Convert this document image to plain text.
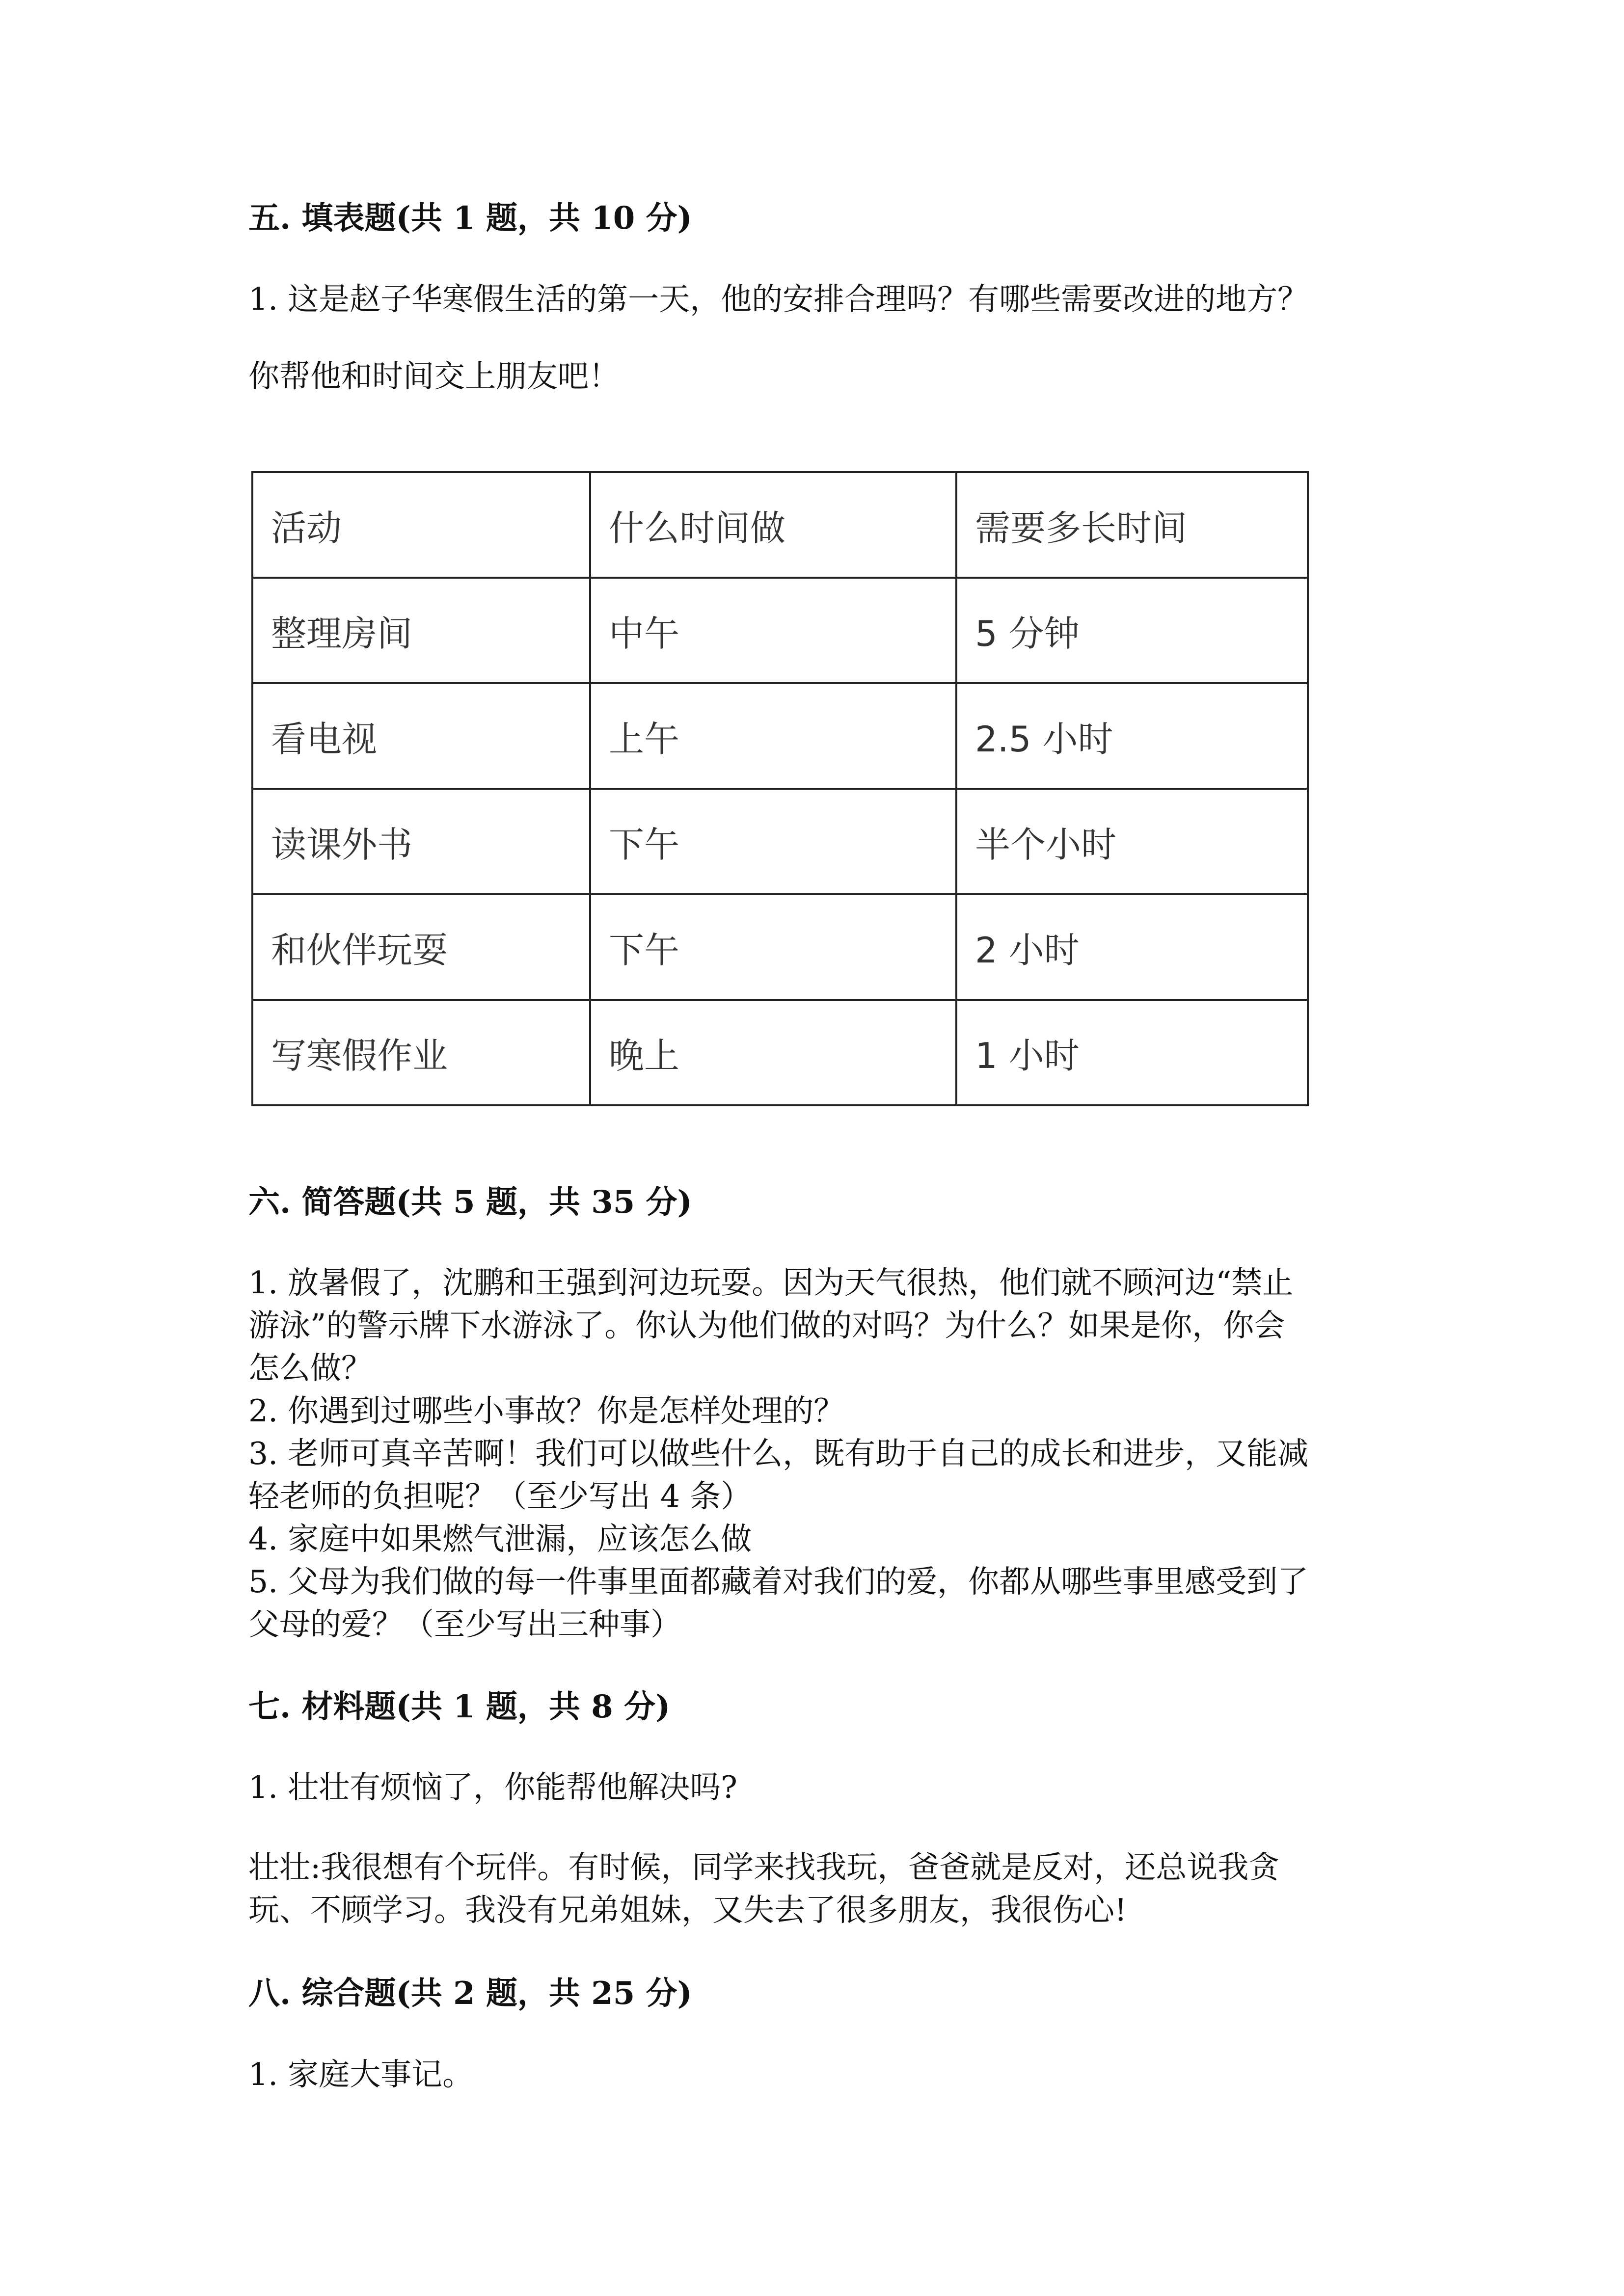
五. 填表题(共 1 题，共 10 分)
1. 这是赵子华寒假生活的第一天，他的安排合理吗？有哪些需要改进的地方？
你帮他和时间交上朋友吧！
活动	什么时间做	需要多长时间
整理房间	中午	5 分钟
看电视	上午	2.5 小时
读课外书	下午	半个小时
和伙伴玩耍	下午	2 小时
写寒假作业	晚上	1 小时
六. 简答题(共 5 题，共 35 分)
1. 放暑假了，沈鹏和王强到河边玩耍。因为天气很热，他们就不顾河边“禁止
游泳”的警示牌下水游泳了。你认为他们做的对吗？为什么？如果是你，你会
怎么做？
2. 你遇到过哪些小事故？你是怎样处理的？
3. 老师可真辛苦啊！我们可以做些什么，既有助于自己的成长和进步，又能减
轻老师的负担呢？（至少写出 4 条）
4. 家庭中如果燃气泄漏，应该怎么做
5. 父母为我们做的每一件事里面都藏着对我们的爱，你都从哪些事里感受到了
父母的爱？（至少写出三种事）
七. 材料题(共 1 题，共 8 分)
1. 壮壮有烦恼了，你能帮他解决吗?
壮壮:我很想有个玩伴。有时候，同学来找我玩，爸爸就是反对，还总说我贪
玩、不顾学习。我没有兄弟姐妹，又失去了很多朋友，我很伤心!
八. 综合题(共 2 题，共 25 分)
1. 家庭大事记。
